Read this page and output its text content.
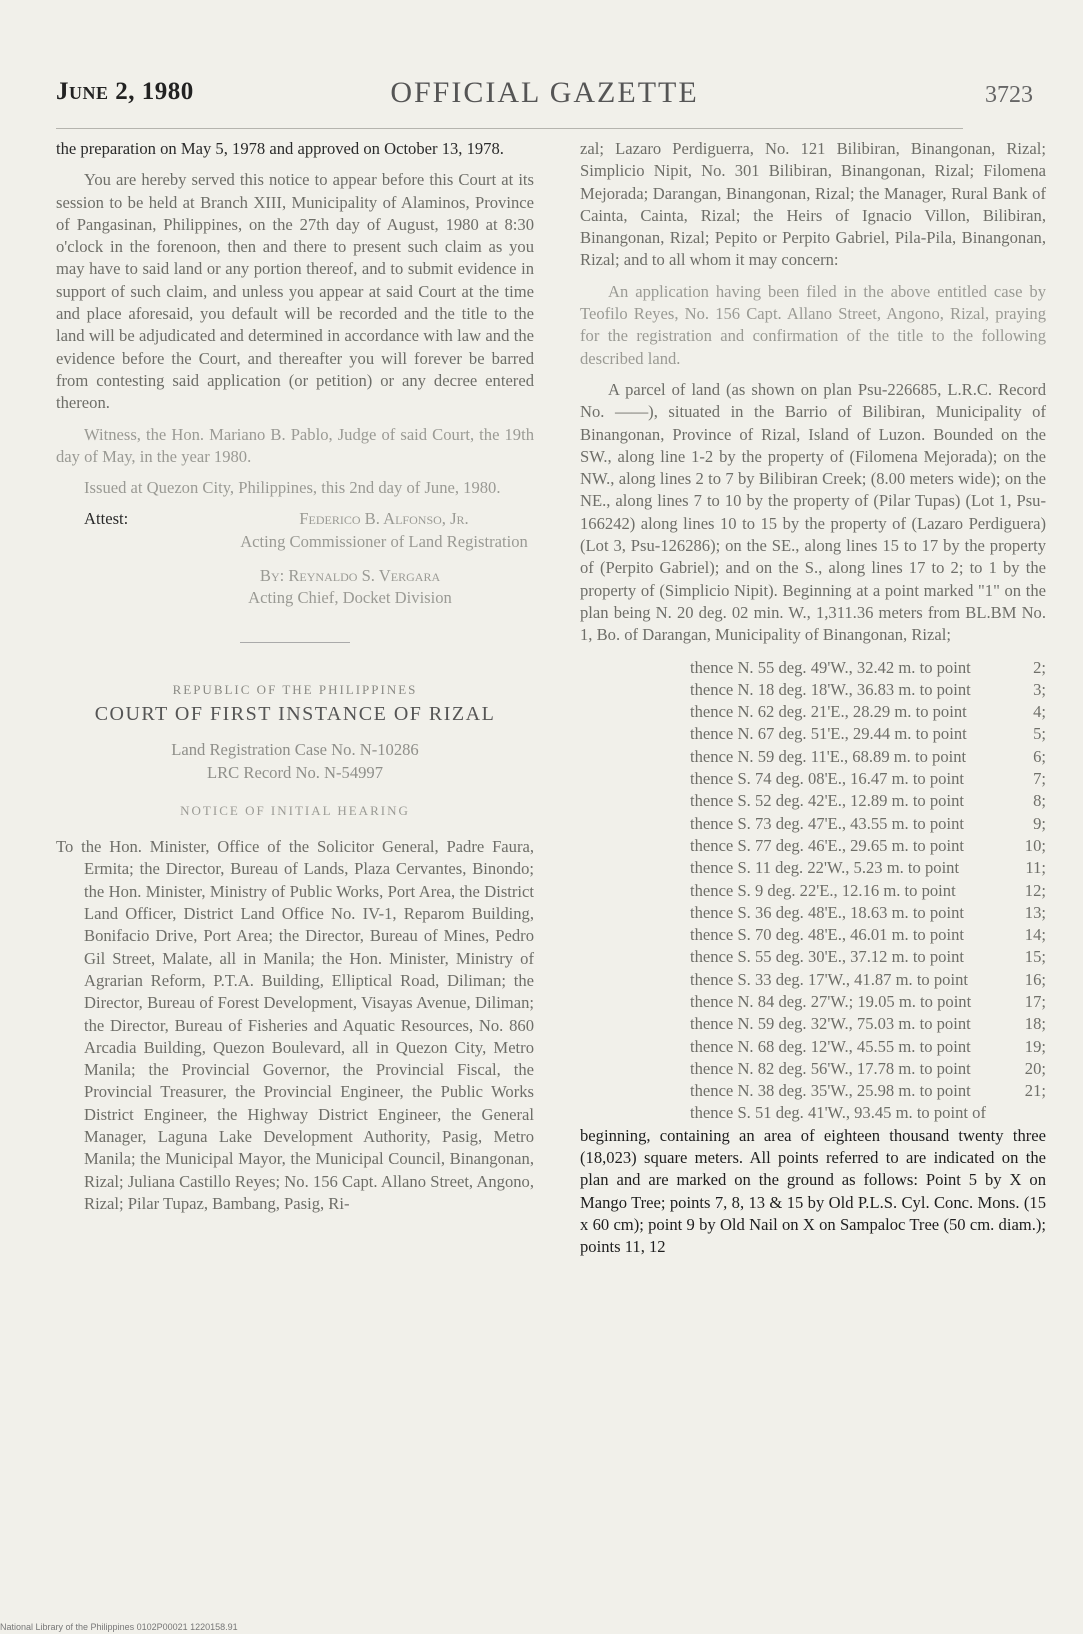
June 2, 1980	OFFICIAL GAZETTE	3723

the preparation on May 5, 1978 and approved on October 13, 1978.

You are hereby served this notice to appear before this Court at its session to be held at Branch XIII, Municipality of Alaminos, Province of Pangasinan, Philippines, on the 27th day of August, 1980 at 8:30 o'clock in the forenoon, then and there to present such claim as you may have to said land or any portion thereof, and to submit evidence in support of such claim, and unless you appear at said Court at the time and place aforesaid, you default will be recorded and the title to the land will be adjudicated and determined in accordance with law and the evidence before the Court, and thereafter you will forever be barred from contesting said application (or petition) or any decree entered thereon.

Witness, the Hon. Mariano B. Pablo, Judge of said Court, the 19th day of May, in the year 1980.

Issued at Quezon City, Philippines, this 2nd day of June, 1980.

Attest:	Federico B. Alfonso, Jr.
Acting Commissioner of Land Registration
By: Reynaldo S. Vergara
Acting Chief, Docket Division
REPUBLIC OF THE PHILIPPINES
COURT OF FIRST INSTANCE OF RIZAL

Land Registration Case No. N-10286

LRC Record No. N-54997

NOTICE OF INITIAL HEARING

To the Hon. Minister, Office of the Solicitor General, Padre Faura, Ermita; the Director, Bureau of Lands, Plaza Cervantes, Binondo; the Hon. Minister, Ministry of Public Works, Port Area, the District Land Officer, District Land Office No. IV-1, Reparom Building, Bonifacio Drive, Port Area; the Director, Bureau of Mines, Pedro Gil Street, Malate, all in Manila; the Hon. Minister, Ministry of Agrarian Reform, P.T.A. Building, Elliptical Road, Diliman; the Director, Bureau of Forest Development, Visayas Avenue, Diliman; the Director, Bureau of Fisheries and Aquatic Resources, No. 860 Arcadia Building, Quezon Boulevard, all in Quezon City, Metro Manila; the Provincial Governor, the Provincial Fiscal, the Provincial Treasurer, the Provincial Engineer, the Public Works District Engineer, the Highway District Engineer, the General Manager, Laguna Lake Development Authority, Pasig, Metro Manila; the Municipal Mayor, the Municipal Council, Binangonan, Rizal; Juliana Castillo Reyes; No. 156 Capt. Allano Street, Angono, Rizal; Pilar Tupaz, Bambang, Pasig, Ri-

zal; Lazaro Perdiguerra, No. 121 Bilibiran, Binangonan, Rizal; Simplicio Nipit, No. 301 Bilibiran, Binangonan, Rizal; Filomena Mejorada; Darangan, Binangonan, Rizal; the Manager, Rural Bank of Cainta, Cainta, Rizal; the Heirs of Ignacio Villon, Bilibiran, Binangonan, Rizal; Pepito or Perpito Gabriel, Pila-Pila, Binangonan, Rizal; and to all whom it may concern:

An application having been filed in the above entitled case by Teofilo Reyes, No. 156 Capt. Allano Street, Angono, Rizal, praying for the registration and confirmation of the title to the following described land.

A parcel of land (as shown on plan Psu-226685, L.R.C. Record No. ——), situated in the Barrio of Bilibiran, Municipality of Binangonan, Province of Rizal, Island of Luzon. Bounded on the SW., along line 1-2 by the property of (Filomena Mejorada); on the NW., along lines 2 to 7 by Bilibiran Creek; (8.00 meters wide); on the NE., along lines 7 to 10 by the property of (Pilar Tupas) (Lot 1, Psu-166242) along lines 10 to 15 by the property of (Lazaro Perdiguera) (Lot 3, Psu-126286); on the SE., along lines 15 to 17 by the property of (Perpito Gabriel); and on the S., along lines 17 to 2; to 1 by the property of (Simplicio Nipit). Beginning at a point marked "1" on the plan being N. 20 deg. 02 min. W., 1,311.36 meters from BL.BM No. 1, Bo. of Darangan, Municipality of Binangonan, Rizal;

thence N. 55 deg. 49'W., 32.42 m. to point	2;
thence N. 18 deg. 18'W., 36.83 m. to point	3;
thence N. 62 deg. 21'E., 28.29 m. to point	4;
thence N. 67 deg. 51'E., 29.44 m. to point	5;
thence N. 59 deg. 11'E., 68.89 m. to point	6;
thence S. 74 deg. 08'E., 16.47 m. to point	7;
thence S. 52 deg. 42'E., 12.89 m. to point	8;
thence S. 73 deg. 47'E., 43.55 m. to point	9;
thence S. 77 deg. 46'E., 29.65 m. to point	10;
thence S. 11 deg. 22'W., 5.23 m. to point	11;
thence S. 9 deg. 22'E., 12.16 m. to point	12;
thence S. 36 deg. 48'E., 18.63 m. to point	13;
thence S. 70 deg. 48'E., 46.01 m. to point	14;
thence S. 55 deg. 30'E., 37.12 m. to point	15;
thence S. 33 deg. 17'W., 41.87 m. to point	16;
thence N. 84 deg. 27'W.; 19.05 m. to point	17;
thence N. 59 deg. 32'W., 75.03 m. to point	18;
thence N. 68 deg. 12'W., 45.55 m. to point	19;
thence N. 82 deg. 56'W., 17.78 m. to point	20;
thence N. 38 deg. 35'W., 25.98 m. to point	21;
thence S. 51 deg. 41'W., 93.45 m. to point of

beginning, containing an area of eighteen thousand twenty three (18,023) square meters. All points referred to are indicated on the plan and are marked on the ground as follows: Point 5 by X on Mango Tree; points 7, 8, 13 & 15 by Old P.L.S. Cyl. Conc. Mons. (15 x 60 cm); point 9 by Old Nail on X on Sampaloc Tree (50 cm. diam.); points 11, 12

National Library of the Philippines 0102P00021 1220158.91
